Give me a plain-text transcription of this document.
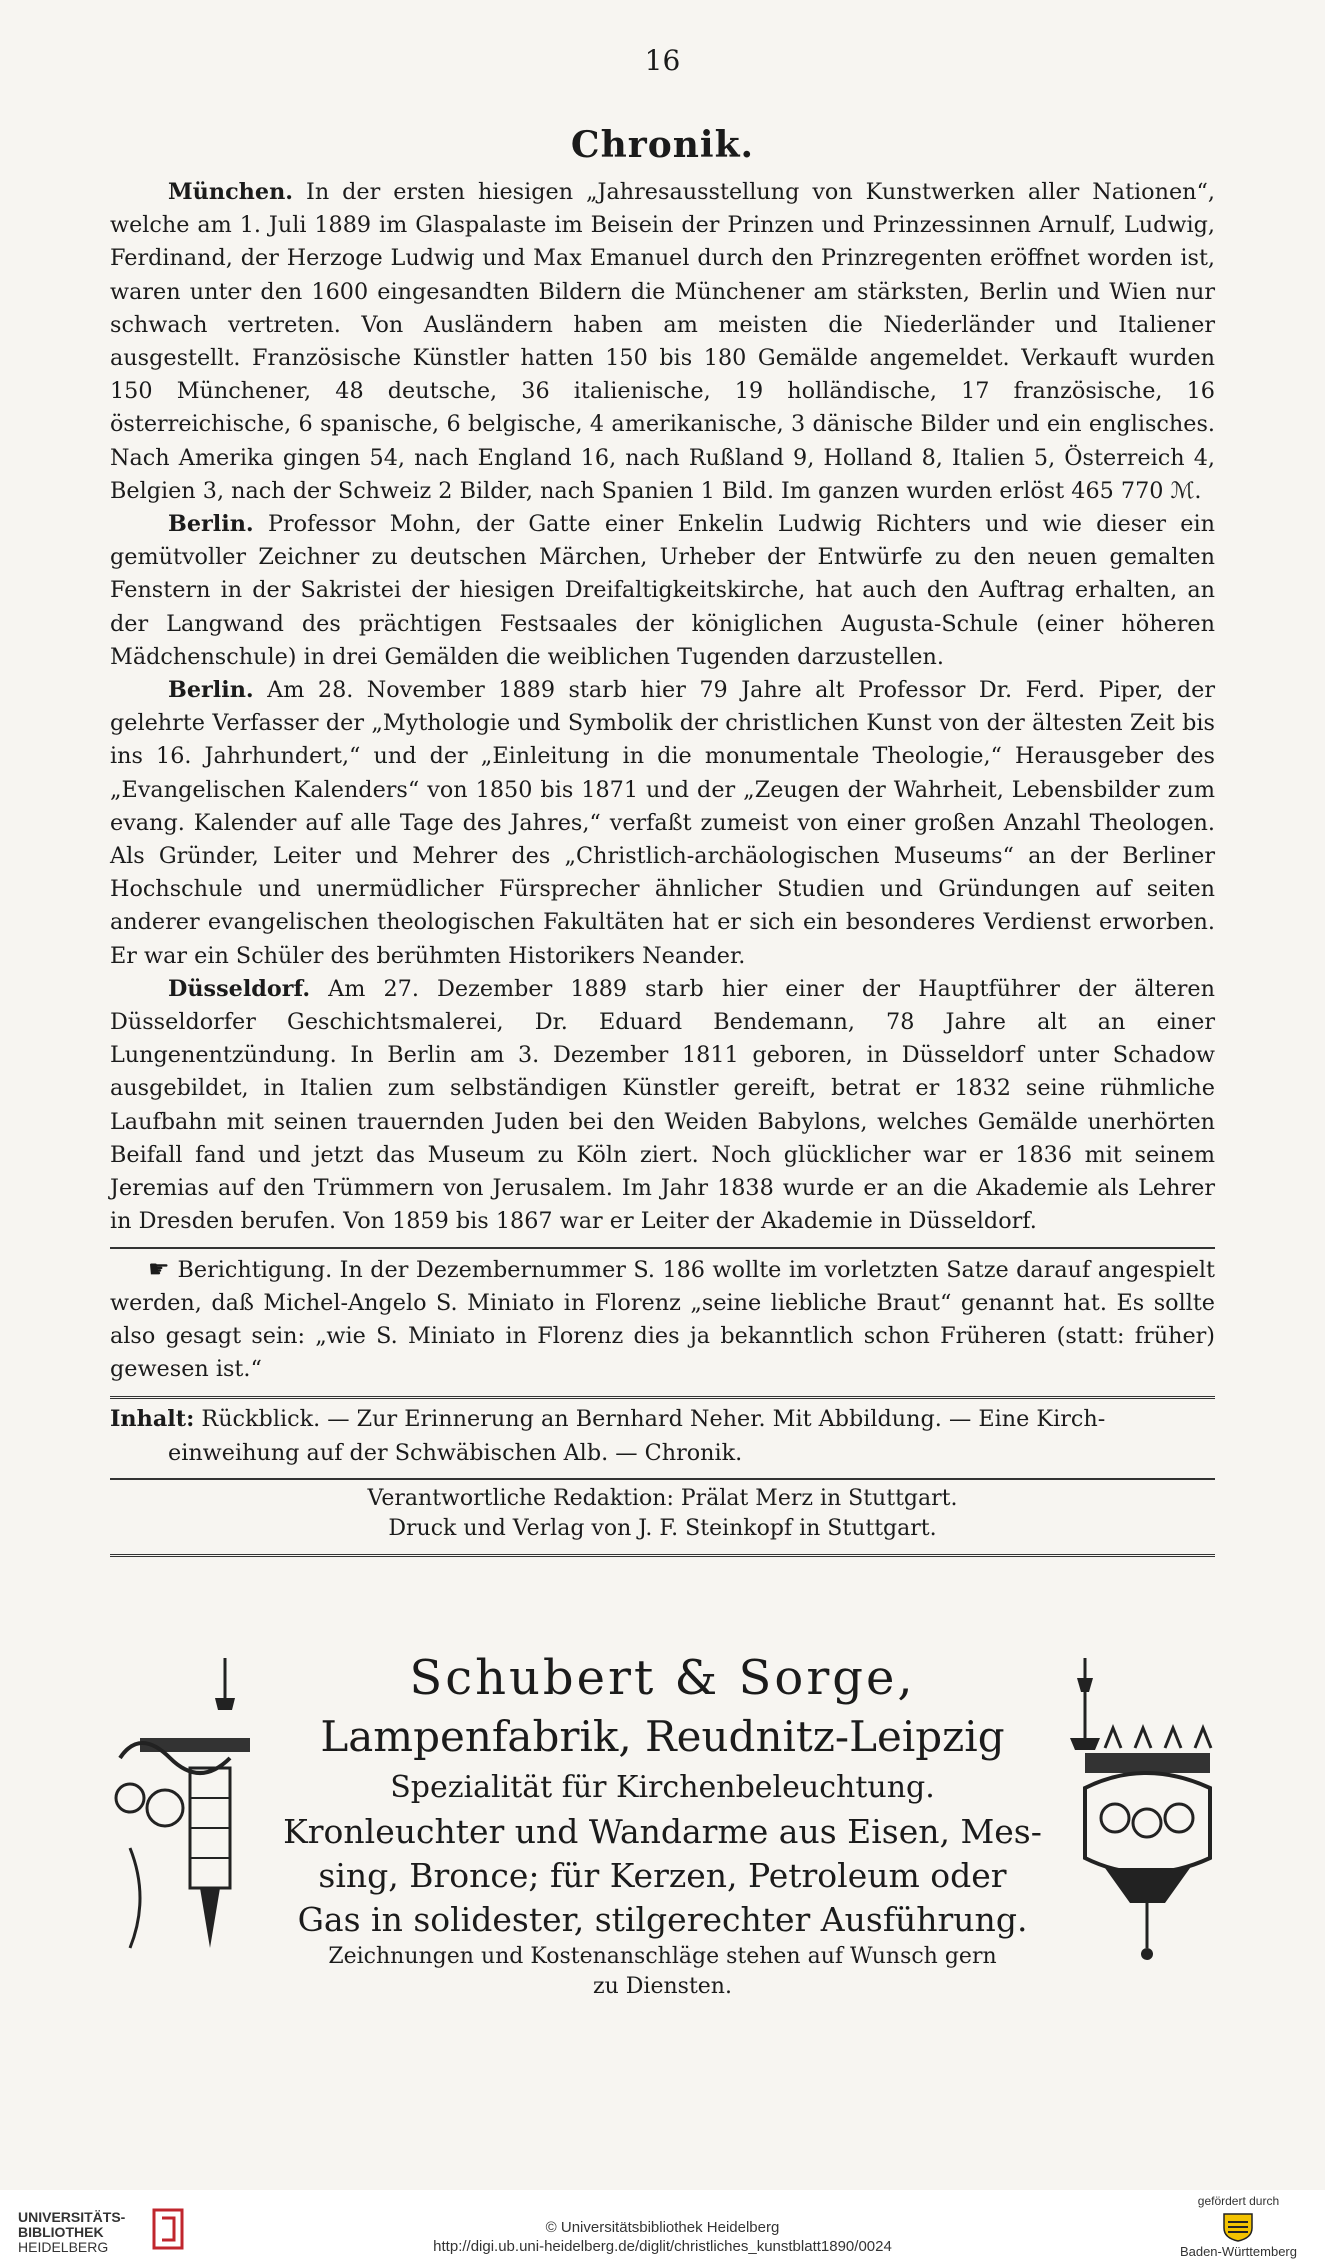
16
Chronik.

München. In der ersten hiesigen „Jahresausstellung von Kunstwerken aller Nationen“, welche am 1. Juli 1889 im Glaspalaste im Beisein der Prinzen und Prinzessinnen Arnulf, Ludwig, Ferdinand, der Herzoge Ludwig und Max Emanuel durch den Prinzregenten eröffnet worden ist, waren unter den 1600 eingesandten Bildern die Münchener am stärksten, Berlin und Wien nur schwach vertreten. Von Ausländern haben am meisten die Niederländer und Italiener ausgestellt. Französische Künstler hatten 150 bis 180 Gemälde angemeldet. Verkauft wurden 150 Münchener, 48 deutsche, 36 italienische, 19 holländische, 17 französische, 16 österreichische, 6 spanische, 6 belgische, 4 amerikanische, 3 dänische Bilder und ein englisches. Nach Amerika gingen 54, nach England 16, nach Rußland 9, Holland 8, Italien 5, Österreich 4, Belgien 3, nach der Schweiz 2 Bilder, nach Spanien 1 Bild. Im ganzen wurden erlöst 465 770 ℳ.

Berlin. Professor Mohn, der Gatte einer Enkelin Ludwig Richters und wie dieser ein gemütvoller Zeichner zu deutschen Märchen, Urheber der Entwürfe zu den neuen gemalten Fenstern in der Sakristei der hiesigen Dreifaltigkeitskirche, hat auch den Auftrag erhalten, an der Langwand des prächtigen Festsaales der königlichen Augusta-Schule (einer höheren Mädchenschule) in drei Gemälden die weiblichen Tugenden darzustellen.

Berlin. Am 28. November 1889 starb hier 79 Jahre alt Professor Dr. Ferd. Piper, der gelehrte Verfasser der „Mythologie und Symbolik der christlichen Kunst von der ältesten Zeit bis ins 16. Jahrhundert,“ und der „Einleitung in die monumentale Theologie,“ Herausgeber des „Evangelischen Kalenders“ von 1850 bis 1871 und der „Zeugen der Wahrheit, Lebensbilder zum evang. Kalender auf alle Tage des Jahres,“ verfaßt zumeist von einer großen Anzahl Theologen. Als Gründer, Leiter und Mehrer des „Christlich-archäologischen Museums“ an der Berliner Hochschule und unermüdlicher Fürsprecher ähnlicher Studien und Gründungen auf seiten anderer evangelischen theologischen Fakultäten hat er sich ein besonderes Verdienst erworben. Er war ein Schüler des berühmten Historikers Neander.

Düsseldorf. Am 27. Dezember 1889 starb hier einer der Hauptführer der älteren Düsseldorfer Geschichtsmalerei, Dr. Eduard Bendemann, 78 Jahre alt an einer Lungenentzündung. In Berlin am 3. Dezember 1811 geboren, in Düsseldorf unter Schadow ausgebildet, in Italien zum selbständigen Künstler gereift, betrat er 1832 seine rühmliche Laufbahn mit seinen trauernden Juden bei den Weiden Babylons, welches Gemälde unerhörten Beifall fand und jetzt das Museum zu Köln ziert. Noch glücklicher war er 1836 mit seinem Jeremias auf den Trümmern von Jerusalem. Im Jahr 1838 wurde er an die Akademie als Lehrer in Dresden berufen. Von 1859 bis 1867 war er Leiter der Akademie in Düsseldorf.

☛ Berichtigung. In der Dezembernummer S. 186 wollte im vorletzten Satze darauf angespielt werden, daß Michel-Angelo S. Miniato in Florenz „seine liebliche Braut“ genannt hat. Es sollte also gesagt sein: „wie S. Miniato in Florenz dies ja bekanntlich schon Früheren (statt: früher) gewesen ist.“

Inhalt: Rückblick. — Zur Erinnerung an Bernhard Neher. Mit Abbildung. — Eine Kirch-
einweihung auf der Schwäbischen Alb. — Chronik.

Verantwortliche Redaktion: Prälat Merz in Stuttgart.
Druck und Verlag von J. F. Steinkopf in Stuttgart.
Schubert & Sorge,
Lampenfabrik, Reudnitz-Leipzig
Spezialität für Kirchenbeleuchtung.
Kronleuchter und Wandarme aus Eisen, Mes-
sing, Bronce; für Kerzen, Petroleum oder
Gas in solidester, stilgerechter Ausführung.
Zeichnungen und Kostenanschläge stehen auf Wunsch gern
zu Diensten.
UNIVERSITÄTS-
BIBLIOTHEK
HEIDELBERG
© Universitätsbibliothek Heidelberg
http://digi.ub.uni-heidelberg.de/diglit/christliches_kunstblatt1890/0024
gefördert durch
Baden-Württemberg
